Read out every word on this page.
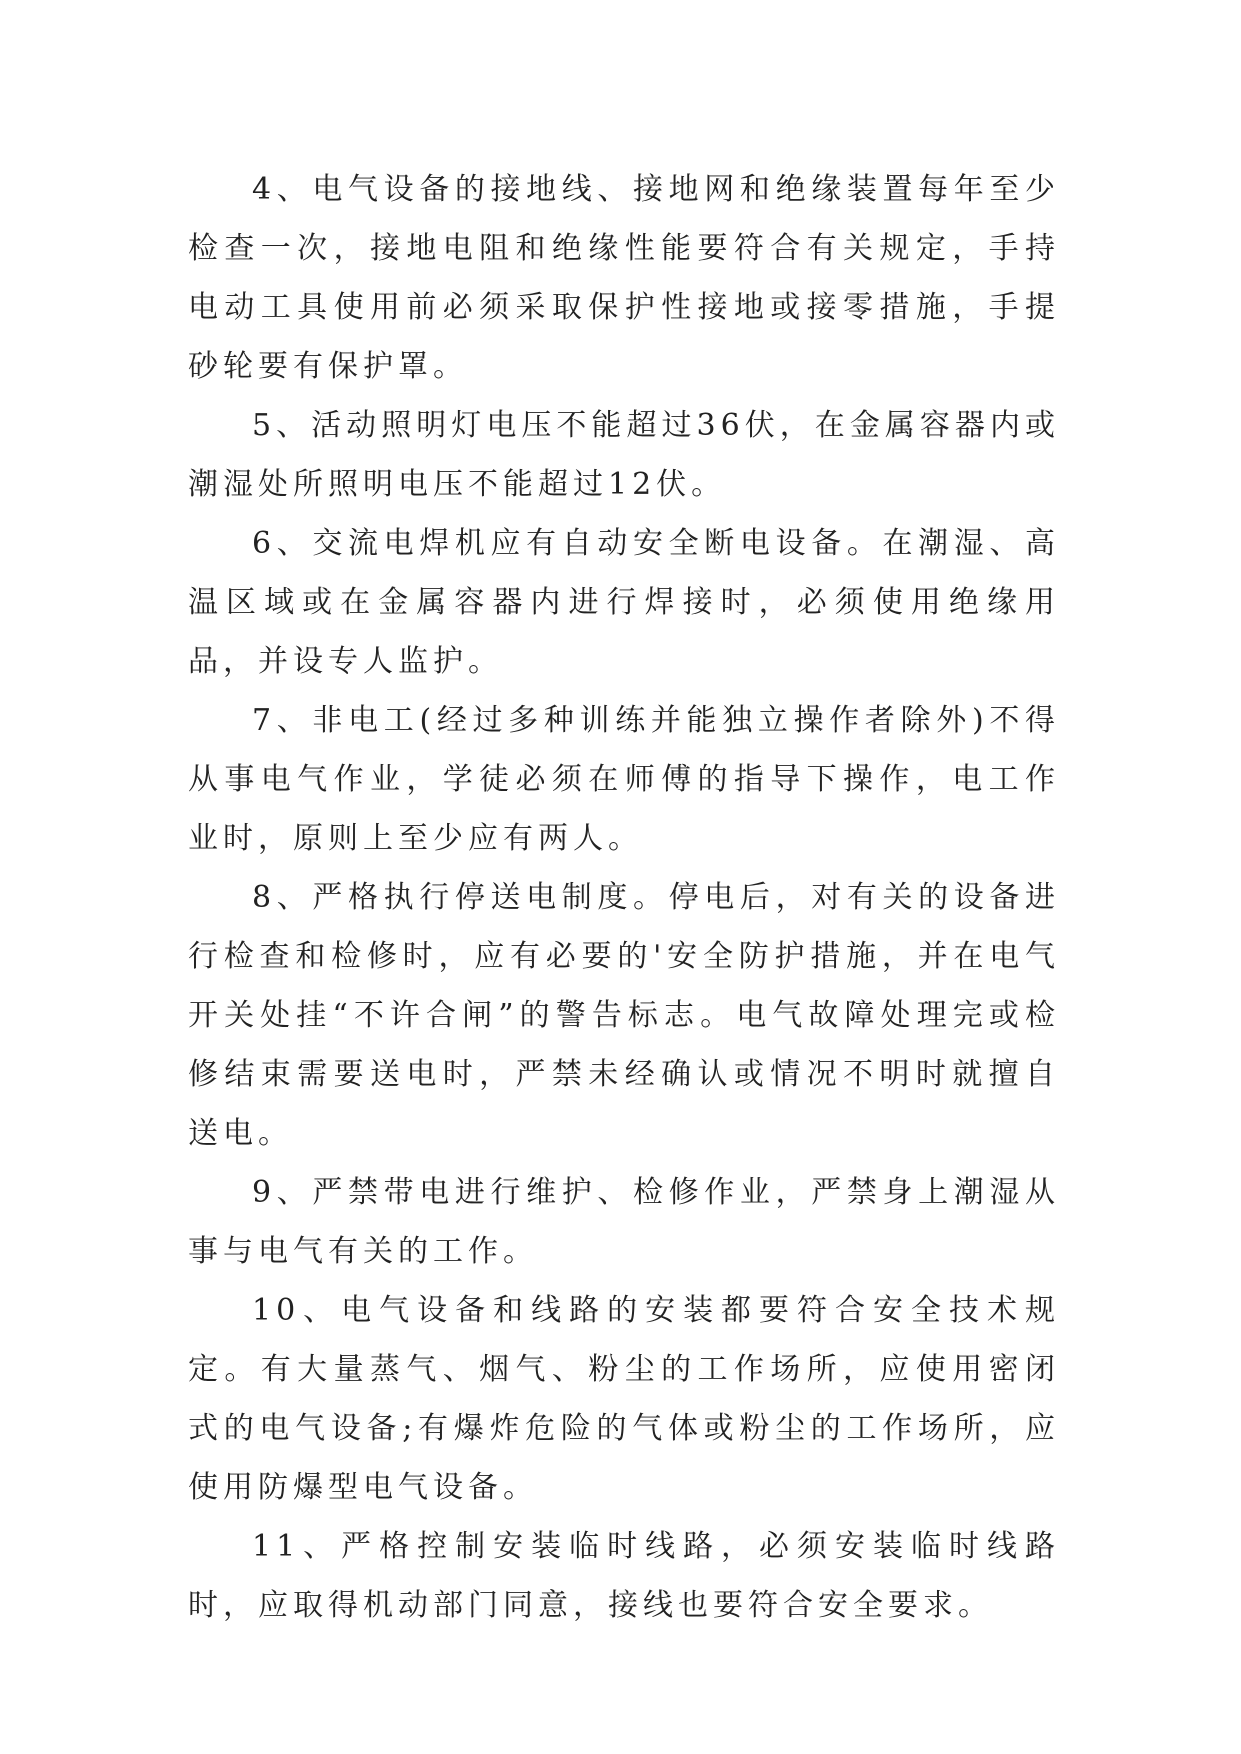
4、电气设备的接地线、接地网和绝缘装置每年至少检查一次，接地电阻和绝缘性能要符合有关规定，手持电动工具使用前必须采取保护性接地或接零措施，手提砂轮要有保护罩。

5、活动照明灯电压不能超过36伏，在金属容器内或潮湿处所照明电压不能超过12伏。

6、交流电焊机应有自动安全断电设备。在潮湿、高温区域或在金属容器内进行焊接时，必须使用绝缘用品，并设专人监护。

7、非电工(经过多种训练并能独立操作者除外)不得从事电气作业，学徒必须在师傅的指导下操作，电工作业时，原则上至少应有两人。

8、严格执行停送电制度。停电后，对有关的设备进行检查和检修时，应有必要的'安全防护措施，并在电气开关处挂“不许合闸”的警告标志。电气故障处理完或检修结束需要送电时，严禁未经确认或情况不明时就擅自送电。

9、严禁带电进行维护、检修作业，严禁身上潮湿从事与电气有关的工作。

10、电气设备和线路的安装都要符合安全技术规定。有大量蒸气、烟气、粉尘的工作场所，应使用密闭式的电气设备;有爆炸危险的气体或粉尘的工作场所，应使用防爆型电气设备。

11、严格控制安装临时线路，必须安装临时线路时，应取得机动部门同意，接线也要符合安全要求。
